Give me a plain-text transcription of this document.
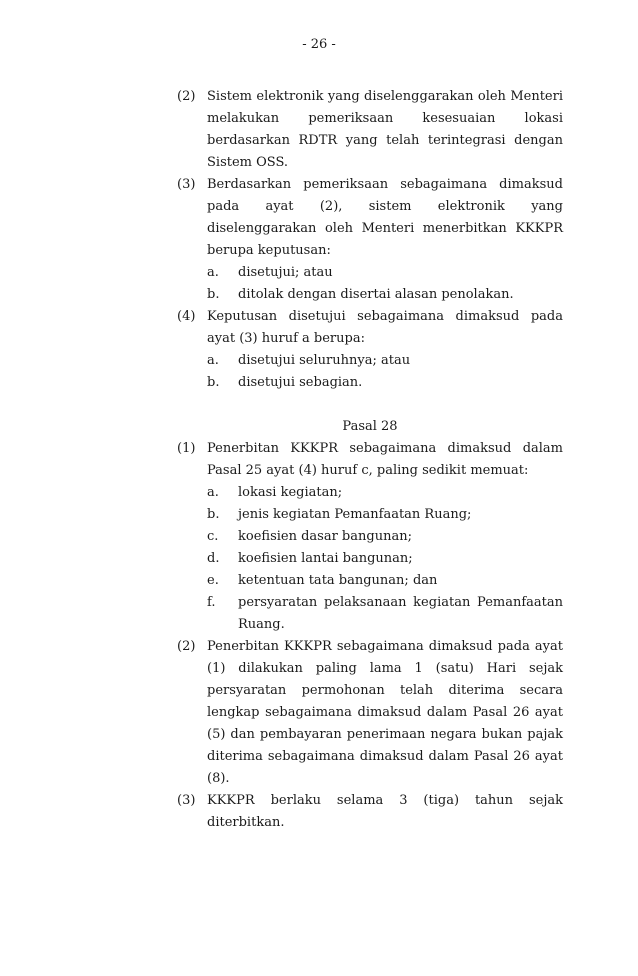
- 26 -
(2) Sistem elektronik yang diselenggarakan oleh Menteri melakukan pemeriksaan kesesuaian lokasi berdasarkan RDTR yang telah terintegrasi dengan Sistem OSS.
(3) Berdasarkan pemeriksaan sebagaimana dimaksud pada ayat (2), sistem elektronik yang diselenggarakan oleh Menteri menerbitkan KKKPR berupa keputusan:
a. disetujui; atau
b. ditolak dengan disertai alasan penolakan.
(4) Keputusan disetujui sebagaimana dimaksud pada ayat (3) huruf a berupa:
a. disetujui seluruhnya; atau
b. disetujui sebagian.
Pasal 28
(1) Penerbitan KKKPR sebagaimana dimaksud dalam Pasal 25 ayat (4) huruf c, paling sedikit memuat:
a. lokasi kegiatan;
b. jenis kegiatan Pemanfaatan Ruang;
c. koefisien dasar bangunan;
d. koefisien lantai bangunan;
e. ketentuan tata bangunan; dan
f. persyaratan pelaksanaan kegiatan Pemanfaatan Ruang.
(2) Penerbitan KKKPR sebagaimana dimaksud pada ayat (1) dilakukan paling lama 1 (satu) Hari sejak persyaratan permohonan telah diterima secara lengkap sebagaimana dimaksud dalam Pasal 26 ayat (5) dan pembayaran penerimaan negara bukan pajak diterima sebagaimana dimaksud dalam Pasal 26 ayat (8).
(3) KKKPR berlaku selama 3 (tiga) tahun sejak diterbitkan.
